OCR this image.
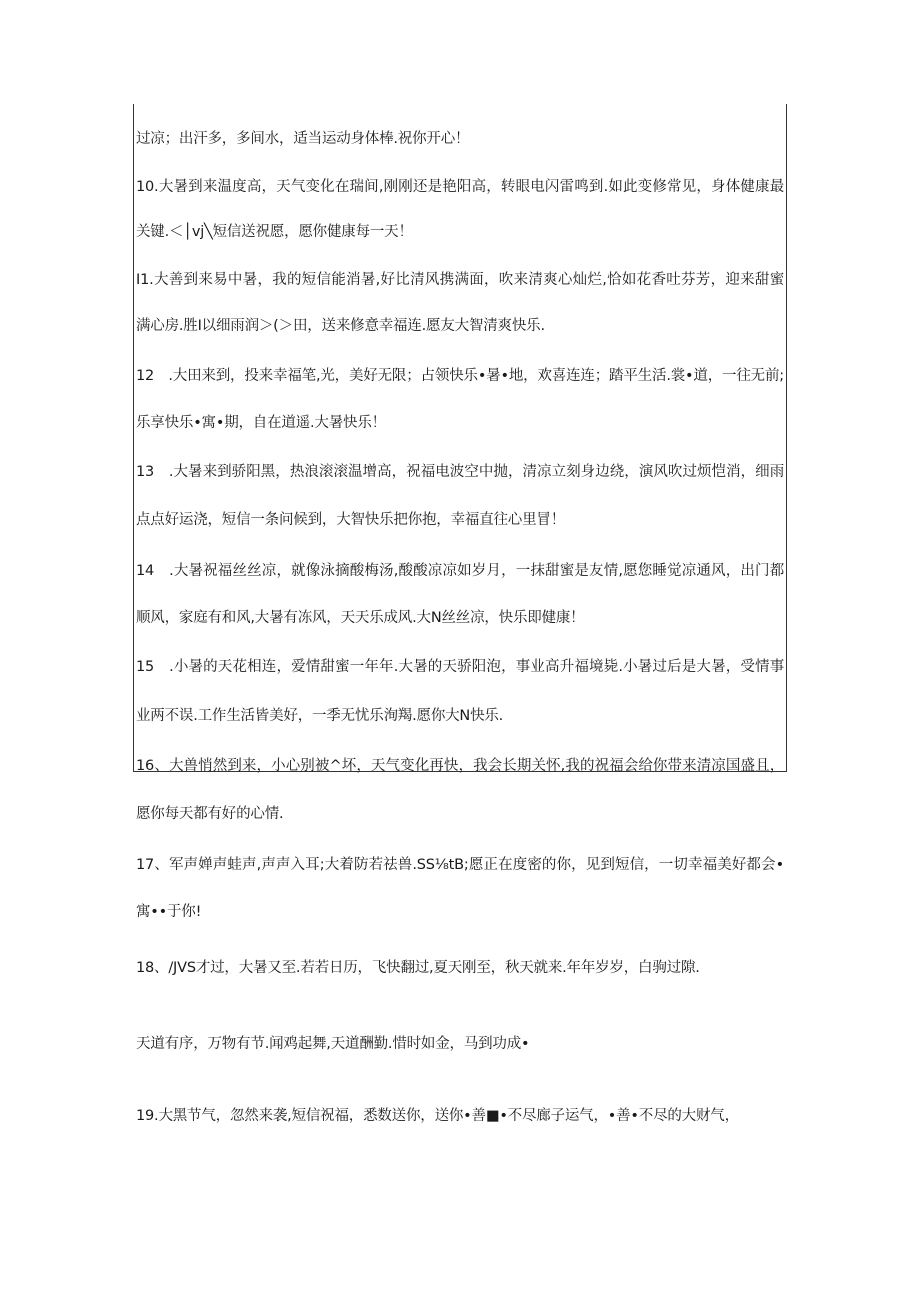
过凉；出汗多，多间水，适当运动身体棒.祝你开心！
10.大暑到来温度高，天气变化在瑞间,刚刚还是艳阳高，转眼电闪雷鸣到.如此变修常见，身体健康最
关键.＜│vj╲短信送祝愿，愿你健康每一天！
I1.大善到来易中暑，我的短信能消暑,好比清风携满面，吹来清爽心灿烂,恰如花香吐芬芳，迎来甜蜜
满心房.胜I以细雨润＞(＞田，送来修意幸福连.愿友大智清爽快乐.
12　.大田来到，投来幸福笔,光，美好无限；占领快乐•暑•地，欢喜连连；踏平生活.裳•道，一往无前;
乐享快乐•寓•期，自在道遥.大暑快乐！
13　.大暑来到骄阳黑，热浪滚滚温增高，祝福电波空中抛，清凉立刻身边绕，演风吹过烦恺消，细雨
点点好运浇，短信一条问候到，大智快乐把你抱，幸福直往心里冒！
14　.大暑祝福丝丝凉，就像泳摘酸梅汤,酸酸凉凉如岁月，一抹甜蜜是友情,愿您睡觉凉通风，出门都
顺风，家庭有和风,大暑有冻风，天天乐成风.大N丝丝凉，快乐即健康！
15　.小暑的天花相连，爱情甜蜜一年年.大暑的天骄阳泡，事业高升福境毙.小暑过后是大暑，受情事
业两不误.工作生活皆美好，一季无忧乐洵羯.愿你大N快乐.
16、大兽悄然到来，小心别被^坏，天气变化再快，我会长期关怀,我的祝福会给你带来清凉国盛且，
愿你每天都有好的心情.
17、军声婵声蛙声,声声入耳;大着防若祛兽.SS⅛tB;愿正在度密的你，见到短信，一切幸福美好都会•
寓••于你!
18、/JVS才过，大暑又至.若若日历，飞快翻过,夏天刚至，秋天就来.年年岁岁，白驹过隙.
天道有序，万物有节.闻鸡起舞,天道酬勤.惜时如金，马到功成•
19.大黑节气，忽然来袭,短信祝福，悉数送你，送你•善■•不尽廊子运气，•善•不尽的大财气，
